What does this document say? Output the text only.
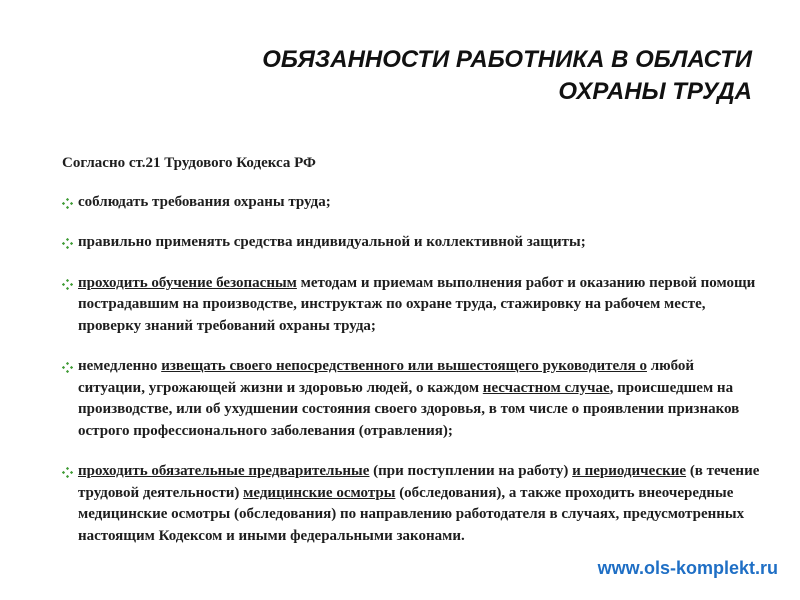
ОБЯЗАННОСТИ РАБОТНИКА В ОБЛАСТИ
ОХРАНЫ ТРУДА

Согласно ст.21 Трудового Кодекса РФ

соблюдать требования охраны труда;

правильно применять средства индивидуальной и коллективной защиты;

проходить обучение безопасным методам и приемам выполнения работ и оказанию первой помощи пострадавшим на производстве, инструктаж по охране труда, стажировку на рабочем месте, проверку знаний требований охраны труда;

немедленно извещать своего непосредственного или вышестоящего руководителя о любой ситуации, угрожающей жизни и здоровью людей, о каждом несчастном случае, происшедшем на производстве, или об ухудшении состояния своего здоровья, в том числе о проявлении признаков острого профессионального заболевания (отравления);

проходить обязательные предварительные (при поступлении на работу) и периодические (в течение трудовой деятельности) медицинские осмотры (обследования), а также проходить внеочередные медицинские осмотры (обследования) по направлению работодателя в случаях, предусмотренных настоящим Кодексом и иными федеральными законами.

www.ols-komplekt.ru
